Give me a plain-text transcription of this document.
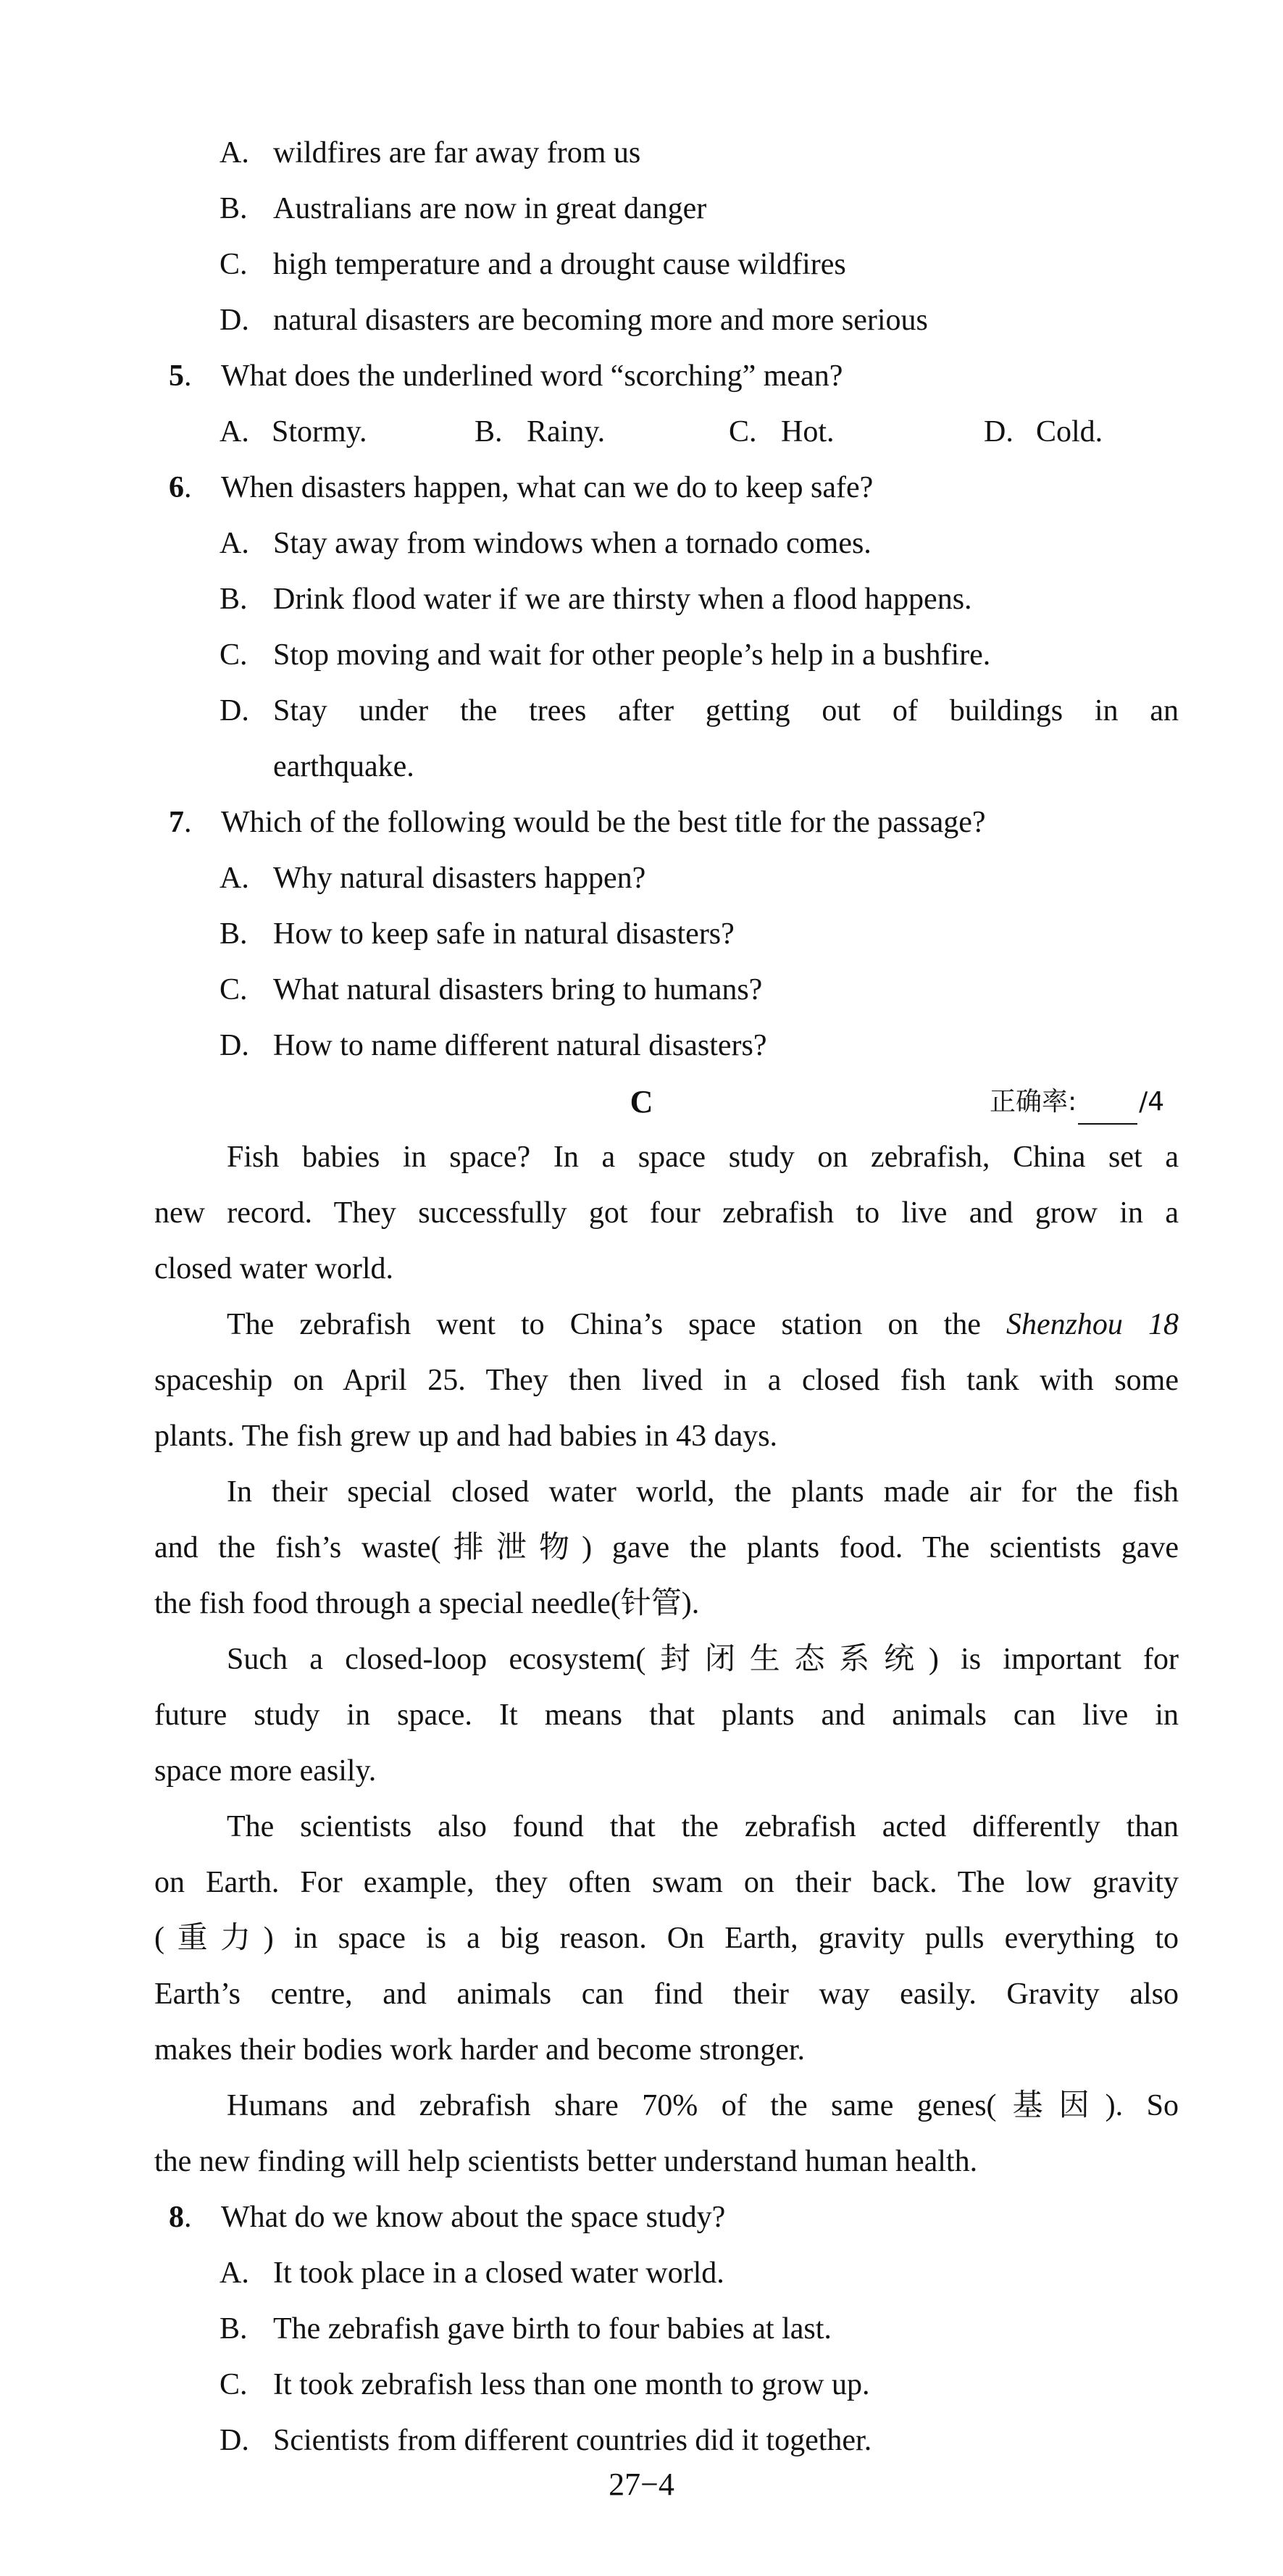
A. wildfires are far away from us
B. Australians are now in great danger
C. high temperature and a drought cause wildfires
D. natural disasters are becoming more and more serious
5. What does the underlined word “scorching” mean?
A. Stormy.	B. Rainy.	C. Hot.	D. Cold.
6. When disasters happen, what can we do to keep safe?
A. Stay away from windows when a tornado comes.
B. Drink flood water if we are thirsty when a flood happens.
C. Stop moving and wait for other people’s help in a bushfire.
D. Stay under the trees after getting out of buildings in an
earthquake.
7. Which of the following would be the best title for the passage?
A. Why natural disasters happen?
B. How to keep safe in natural disasters?
C. What natural disasters bring to humans?
D. How to name different natural disasters?
C	正确率: /4
Fish babies in space? In a space study on zebrafish, China set a
new record. They successfully got four zebrafish to live and grow in a
closed water world.
The zebrafish went to China’s space station on the Shenzhou 18
spaceship on April 25. They then lived in a closed fish tank with some
plants. The fish grew up and had babies in 43 days.
In their special closed water world, the plants made air for the fish
and the fish’s waste(排泄物) gave the plants food. The scientists gave
the fish food through a special needle(针管).
Such a closed-loop ecosystem(封闭生态系统) is important for
future study in space. It means that plants and animals can live in
space more easily.
The scientists also found that the zebrafish acted differently than
on Earth. For example, they often swam on their back. The low gravity
(重力) in space is a big reason. On Earth, gravity pulls everything to
Earth’s centre, and animals can find their way easily. Gravity also
makes their bodies work harder and become stronger.
Humans and zebrafish share 70% of the same genes(基因). So
the new finding will help scientists better understand human health.
8. What do we know about the space study?
A. It took place in a closed water world.
B. The zebrafish gave birth to four babies at last.
C. It took zebrafish less than one month to grow up.
D. Scientists from different countries did it together.
27−4
